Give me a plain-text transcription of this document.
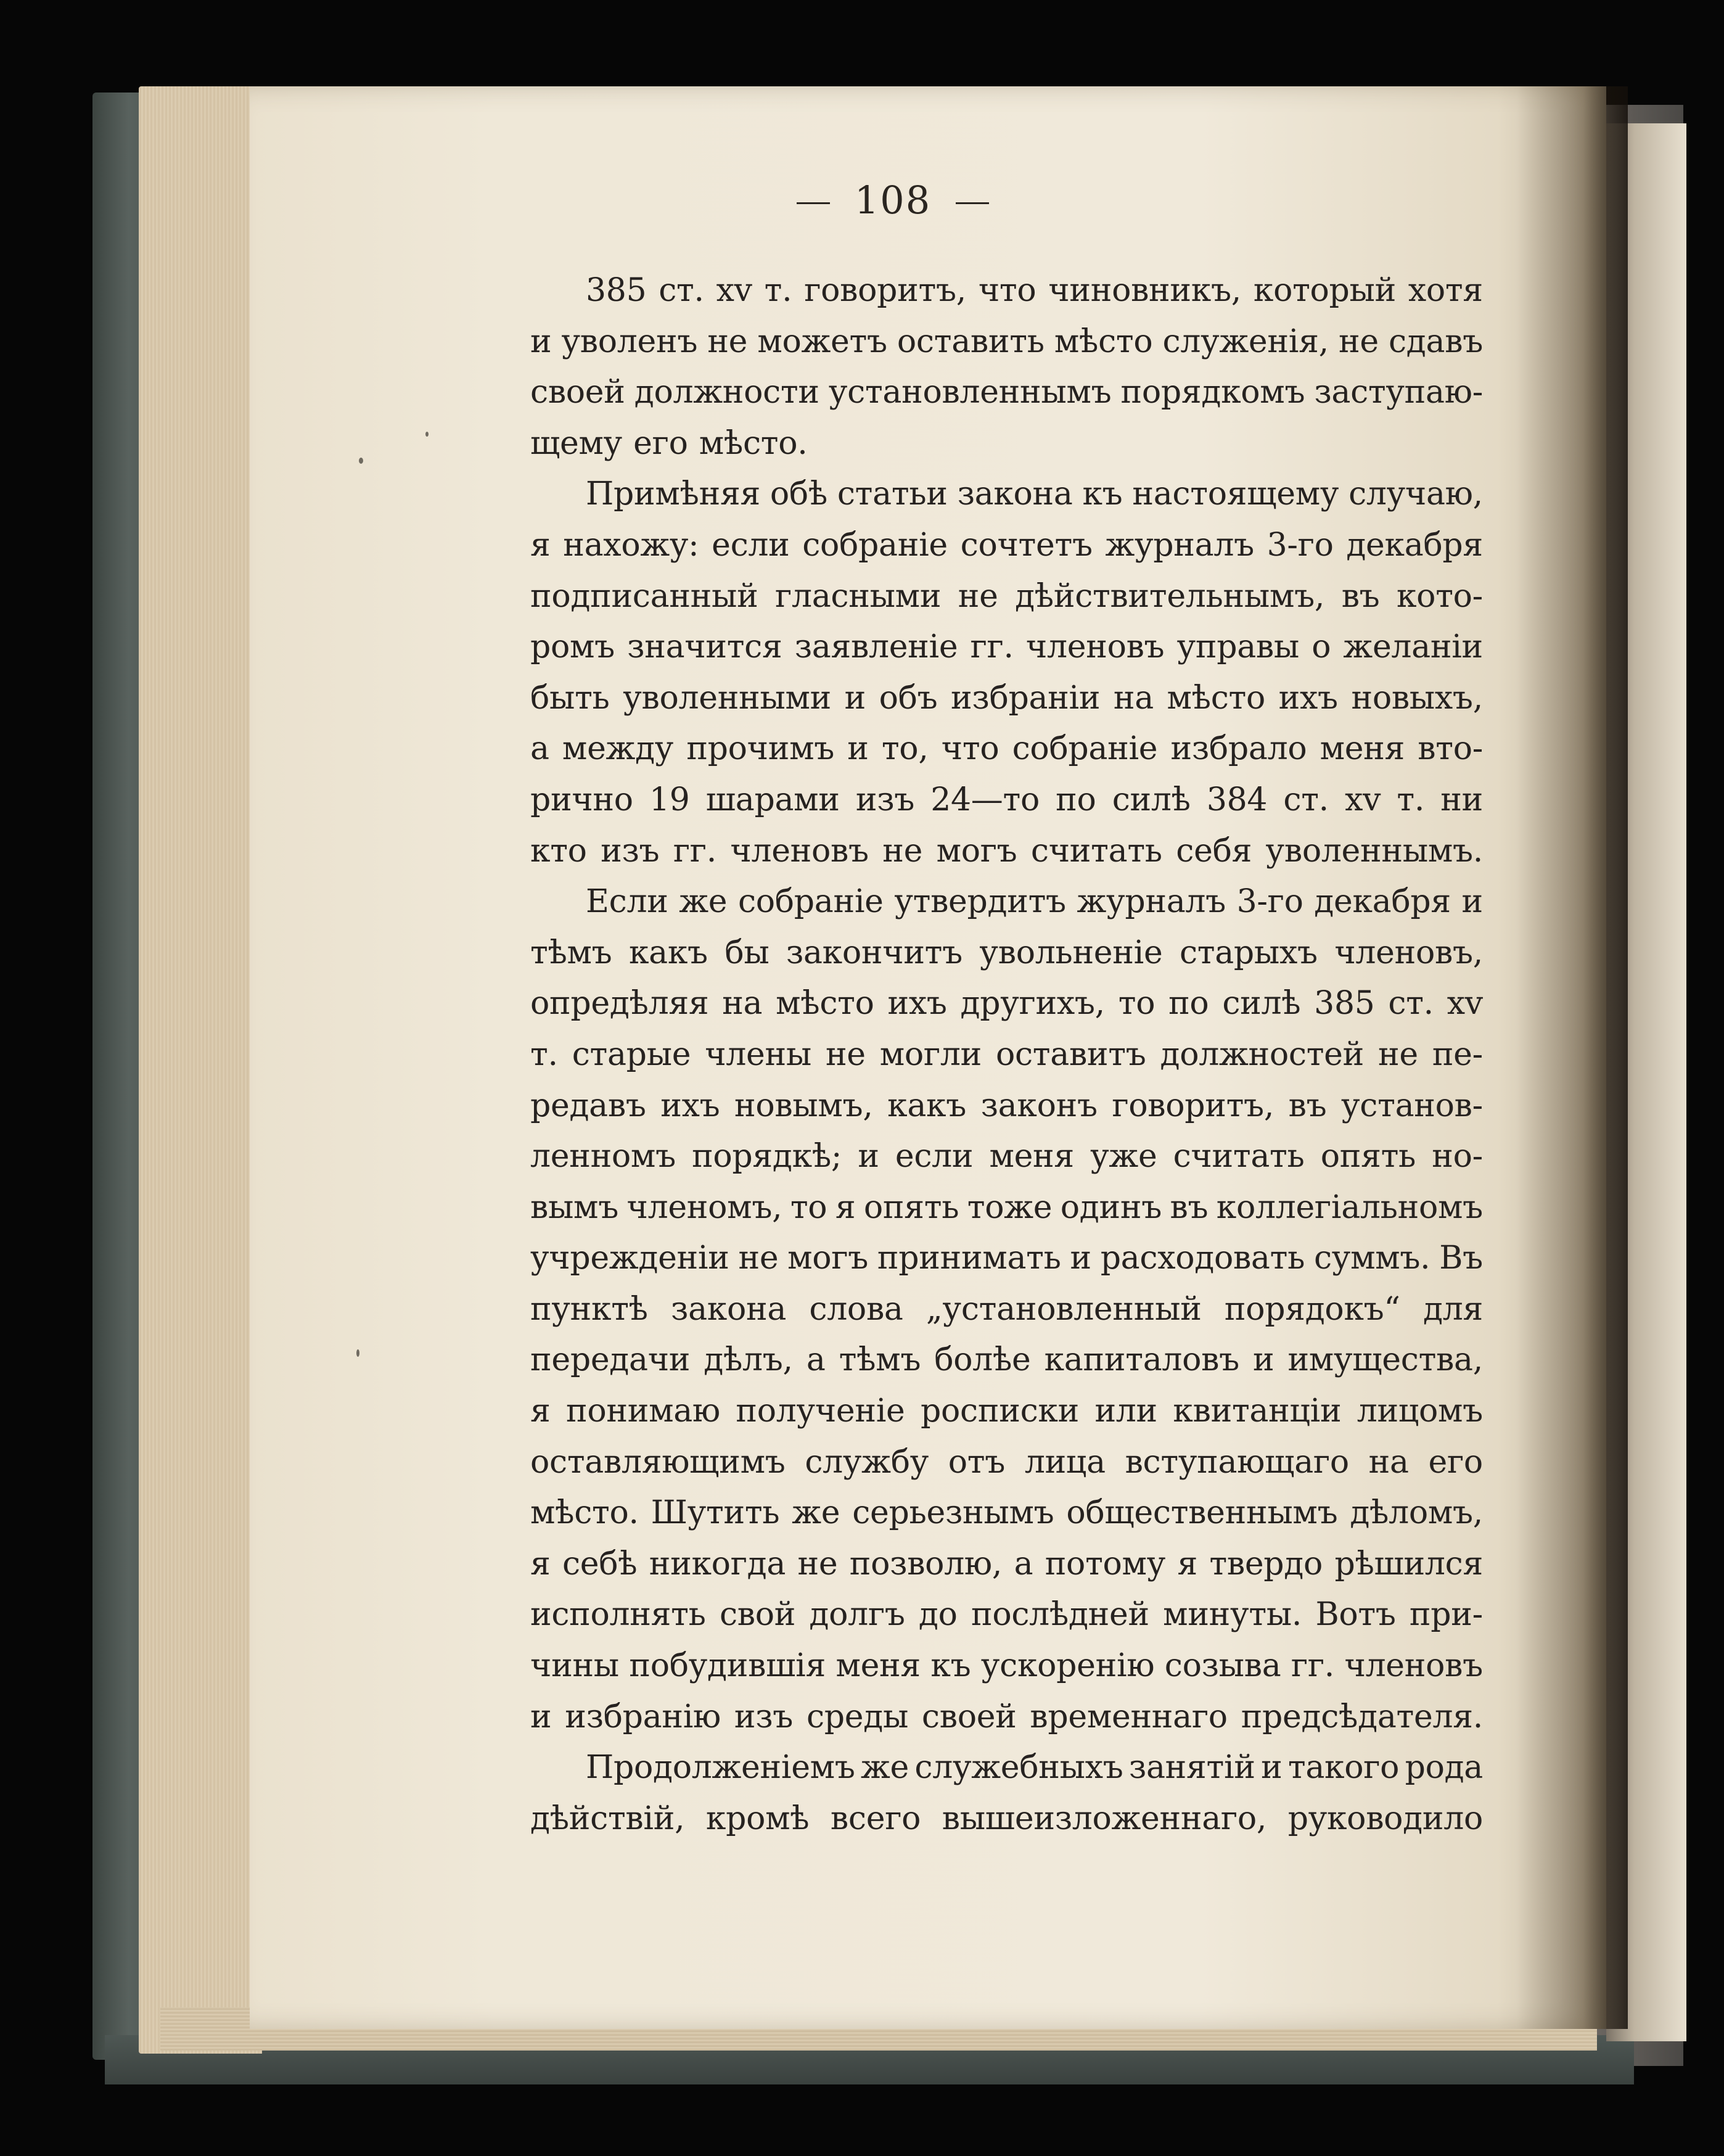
108
385 ст. xv т. говоритъ, что чиновникъ, который хотя
и уволенъ не можетъ оставить мѣсто служенія, не сдавъ
своей должности установленнымъ порядкомъ заступаю-
щему его мѣсто.
Примѣняя обѣ статьи закона къ настоящему случаю,
я нахожу: если собраніе сочтетъ журналъ 3-го декабря
подписанный гласными не дѣйствительнымъ, въ кото-
ромъ значится заявленіе гг. членовъ управы о желаніи
быть уволенными и объ избраніи на мѣсто ихъ новыхъ,
а между прочимъ и то, что собраніе избрало меня вто-
рично 19 шарами изъ 24—то по силѣ 384 ст. xv т. ни
кто изъ гг. членовъ не могъ считать себя уволеннымъ.
Если же собраніе утвердитъ журналъ 3-го декабря и
тѣмъ какъ бы закончитъ увольненіе старыхъ членовъ,
опредѣляя на мѣсто ихъ другихъ, то по силѣ 385 ст. xv
т. старые члены не могли оставитъ должностей не пе-
редавъ ихъ новымъ, какъ законъ говоритъ, въ установ-
ленномъ порядкѣ; и если меня уже считать опять но-
вымъ членомъ, то я опять тоже одинъ въ коллегіальномъ
учрежденіи не могъ принимать и расходовать суммъ. Въ
пунктѣ закона слова „установленный порядокъ“ для
передачи дѣлъ, а тѣмъ болѣе капиталовъ и имущества,
я понимаю полученіе росписки или квитанціи лицомъ
оставляющимъ службу отъ лица вступающаго на его
мѣсто. Шутить же серьезнымъ общественнымъ дѣломъ,
я себѣ никогда не позволю, а потому я твердо рѣшился
исполнять свой долгъ до послѣдней минуты. Вотъ при-
чины побудившія меня къ ускоренію созыва гг. членовъ
и избранію изъ среды своей временнаго предсѣдателя.
Продолженіемъ же служебныхъ занятій и такого рода
дѣйствій, кромѣ всего вышеизложеннаго, руководило
